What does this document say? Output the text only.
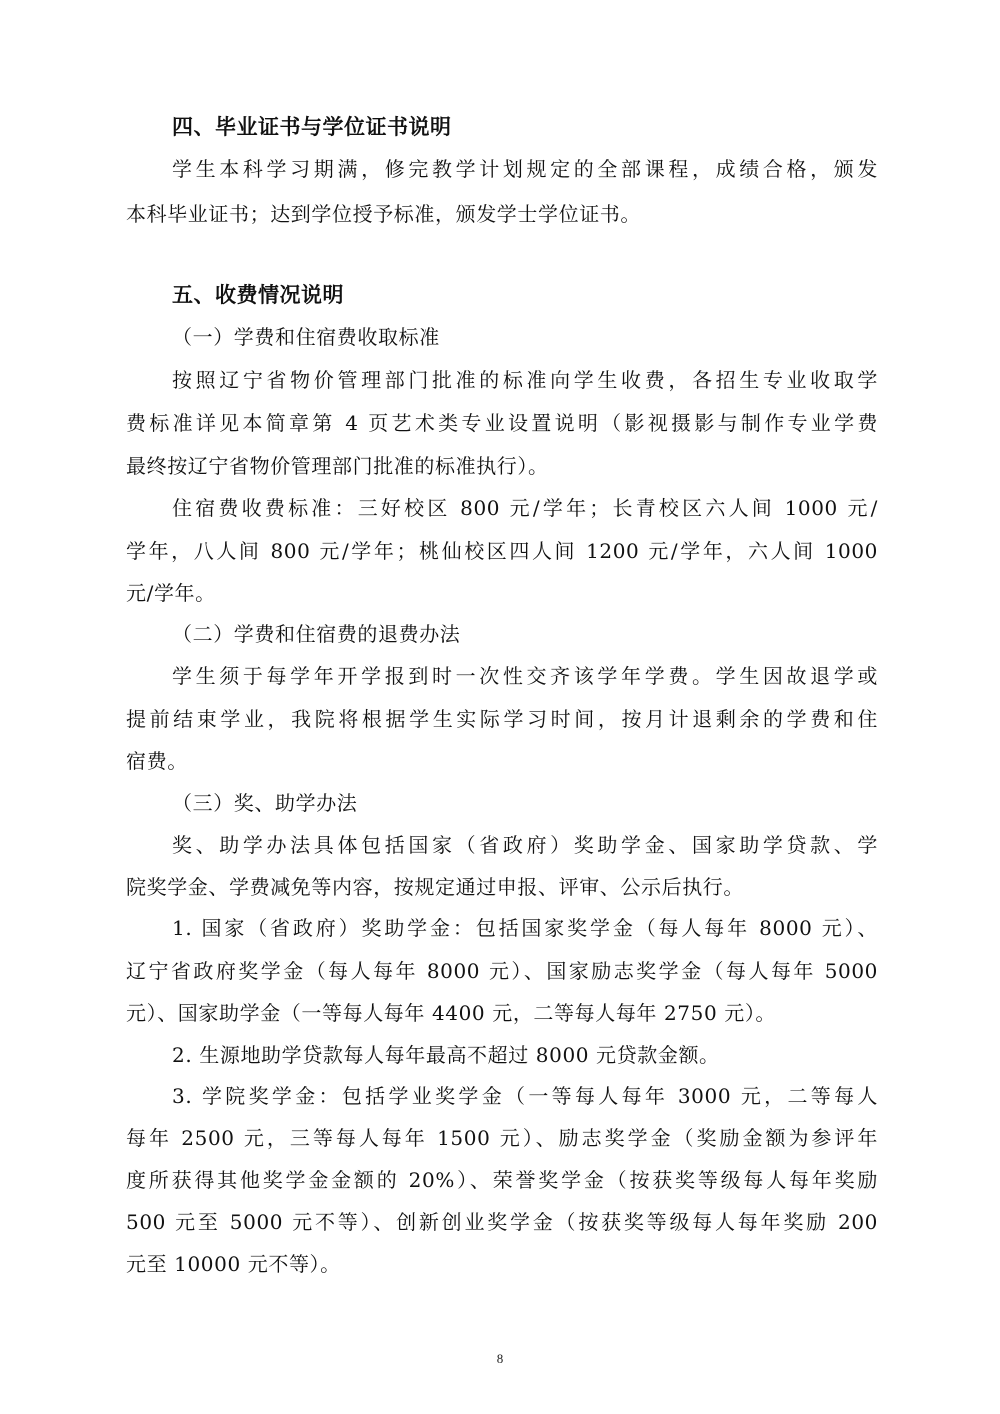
四、毕业证书与学位证书说明

学生本科学习期满，修完教学计划规定的全部课程，成绩合格，颁发

本科毕业证书；达到学位授予标准，颁发学士学位证书。

五、收费情况说明

（一）学费和住宿费收取标准

按照辽宁省物价管理部门批准的标准向学生收费，各招生专业收取学

费标准详见本简章第 4 页艺术类专业设置说明（影视摄影与制作专业学费

最终按辽宁省物价管理部门批准的标准执行）。

住宿费收费标准：三好校区 800 元/学年；长青校区六人间 1000 元/

学年，八人间 800 元/学年；桃仙校区四人间 1200 元/学年，六人间 1000

元/学年。

（二）学费和住宿费的退费办法

学生须于每学年开学报到时一次性交齐该学年学费。学生因故退学或

提前结束学业，我院将根据学生实际学习时间，按月计退剩余的学费和住

宿费。

（三）奖、助学办法

奖、助学办法具体包括国家（省政府）奖助学金、国家助学贷款、学

院奖学金、学费减免等内容，按规定通过申报、评审、公示后执行。

1. 国家（省政府）奖助学金：包括国家奖学金（每人每年 8000 元）、

辽宁省政府奖学金（每人每年 8000 元）、国家励志奖学金（每人每年 5000

元）、国家助学金（一等每人每年 4400 元，二等每人每年 2750 元）。

2. 生源地助学贷款每人每年最高不超过 8000 元贷款金额。

3. 学院奖学金：包括学业奖学金（一等每人每年 3000 元，二等每人

每年 2500 元，三等每人每年 1500 元）、励志奖学金（奖励金额为参评年

度所获得其他奖学金金额的 20%）、荣誉奖学金（按获奖等级每人每年奖励

500 元至 5000 元不等）、创新创业奖学金（按获奖等级每人每年奖励 200

元至 10000 元不等）。

8
